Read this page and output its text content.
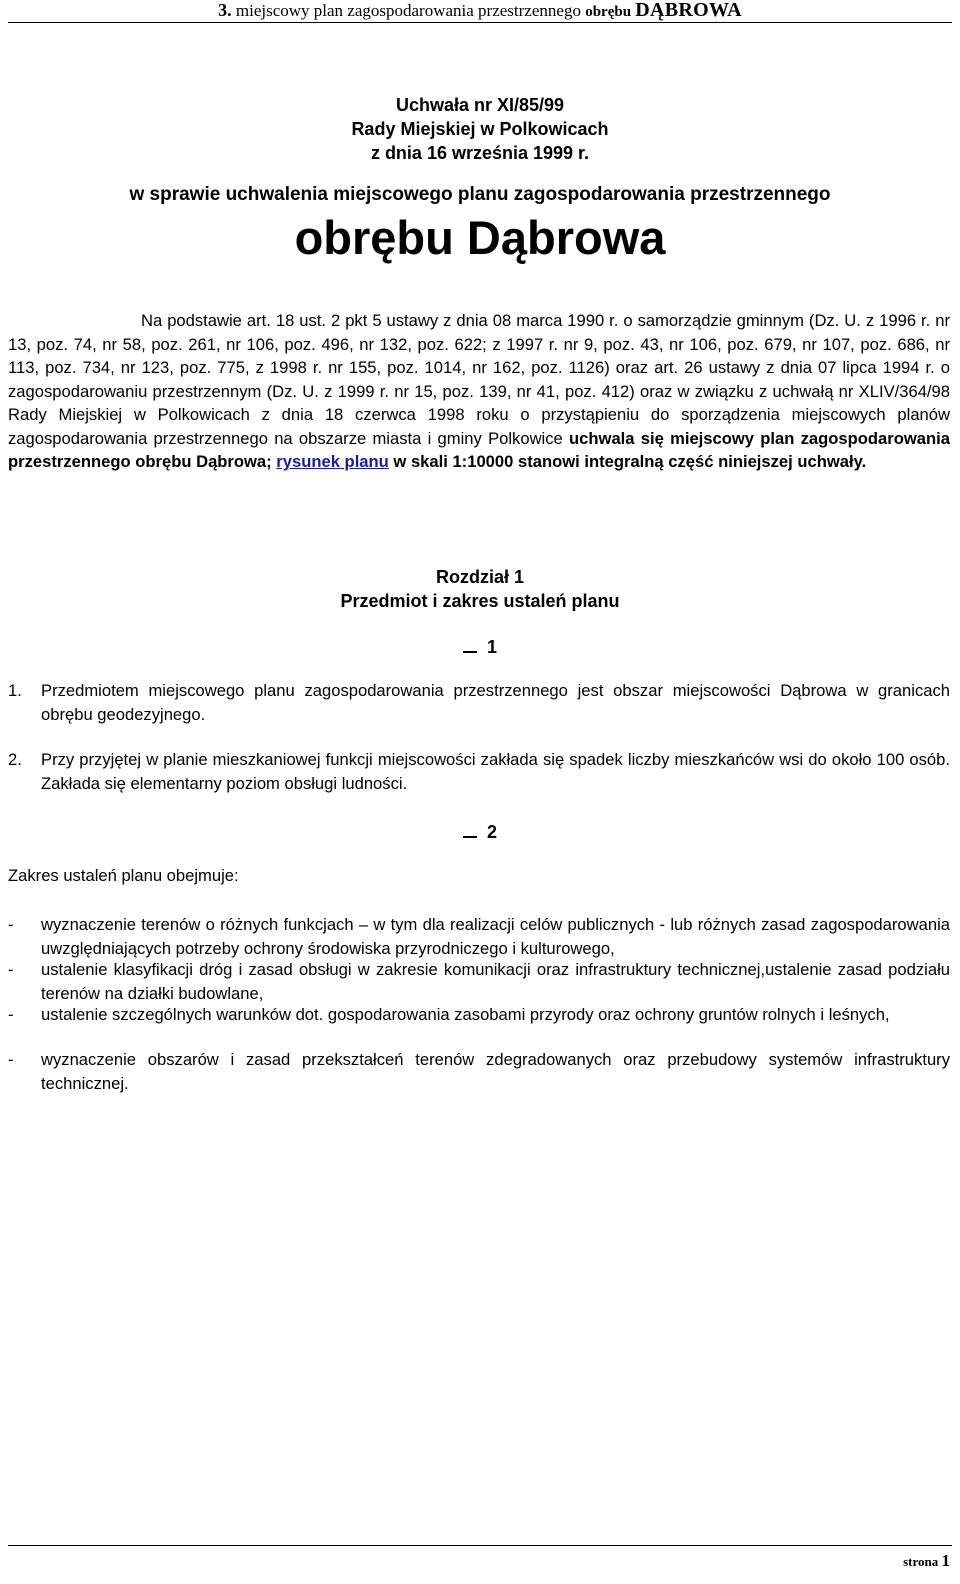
3. miejscowy plan zagospodarowania przestrzennego obrębu DĄBROWA
Uchwała nr XI/85/99
Rady Miejskiej w Polkowicach
z dnia 16 września 1999 r.
w sprawie uchwalenia miejscowego planu zagospodarowania przestrzennego
obrębu Dąbrowa
Na podstawie art. 18 ust. 2 pkt 5 ustawy z dnia 08 marca 1990 r. o samorządzie gminnym (Dz. U. z 1996 r. nr 13, poz. 74, nr 58, poz. 261, nr 106, poz. 496, nr 132, poz. 622; z 1997 r. nr 9, poz. 43, nr 106, poz. 679, nr 107, poz. 686, nr 113, poz. 734, nr 123, poz. 775, z 1998 r. nr 155, poz. 1014, nr 162, poz. 1126) oraz art. 26 ustawy z dnia 07 lipca 1994 r. o zagospodarowaniu przestrzennym (Dz. U. z 1999 r. nr 15, poz. 139, nr 41, poz. 412) oraz w związku z uchwałą nr XLIV/364/98 Rady Miejskiej w Polkowicach z dnia 18 czerwca 1998 roku o przystąpieniu do sporządzenia miejscowych planów zagospodarowania przestrzennego na obszarze miasta i gminy Polkowice uchwala się miejscowy plan zagospodarowania przestrzennego obrębu Dąbrowa; rysunek planu w skali 1:10000 stanowi integralną część niniejszej uchwały.
Rozdział 1
Przedmiot i zakres ustaleń planu
1
1. Przedmiotem miejscowego planu zagospodarowania przestrzennego jest obszar miejscowości Dąbrowa w granicach obrębu geodezyjnego.
2. Przy przyjętej w planie mieszkaniowej funkcji miejscowości zakłada się spadek liczby mieszkańców wsi do około 100 osób. Zakłada się elementarny poziom obsługi ludności.
2
Zakres ustaleń planu obejmuje:
- wyznaczenie terenów o różnych funkcjach – w tym dla realizacji celów publicznych - lub różnych zasad zagospodarowania uwzględniających potrzeby ochrony środowiska przyrodniczego i kulturowego,
- ustalenie klasyfikacji dróg i zasad obsługi w zakresie komunikacji oraz infrastruktury technicznej,ustalenie zasad podziału terenów na działki budowlane,
- ustalenie szczególnych warunków dot. gospodarowania zasobami przyrody oraz ochrony gruntów rolnych i leśnych,
- wyznaczenie obszarów i zasad przekształceń terenów zdegradowanych oraz przebudowy systemów infrastruktury technicznej.
strona 1
